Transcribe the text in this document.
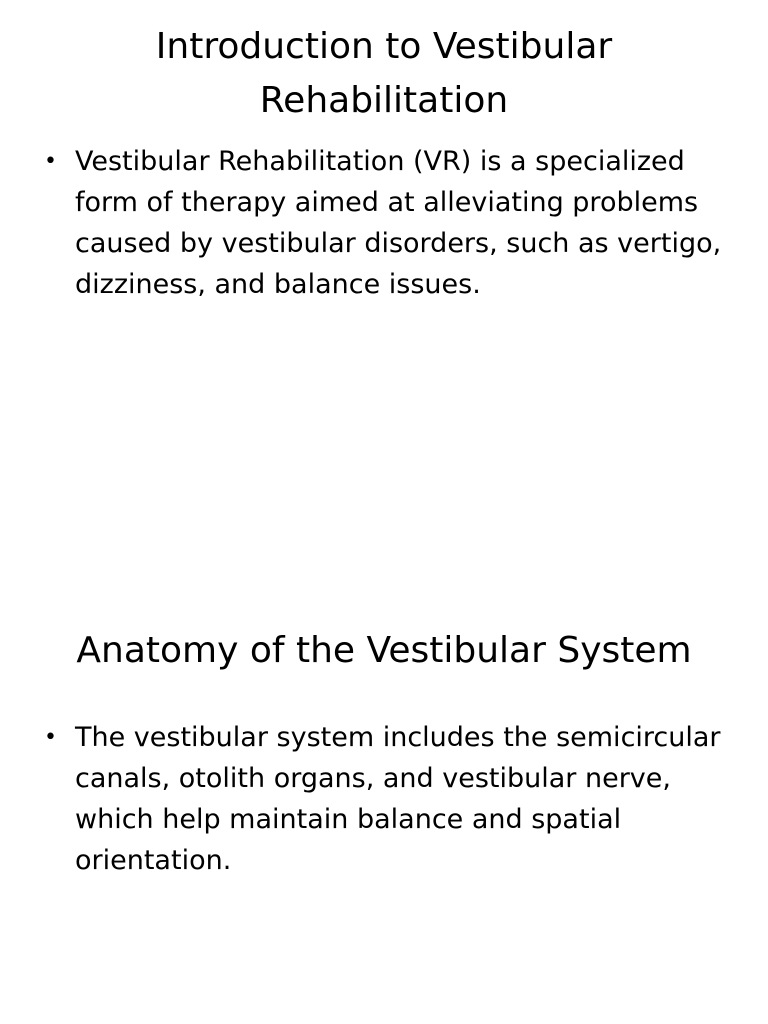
Introduction to Vestibular Rehabilitation
• Vestibular Rehabilitation (VR) is a specialized form of therapy aimed at alleviating problems caused by vestibular disorders, such as vertigo, dizziness, and balance issues.
Anatomy of the Vestibular System
• The vestibular system includes the semicircular canals, otolith organs, and vestibular nerve, which help maintain balance and spatial orientation.
